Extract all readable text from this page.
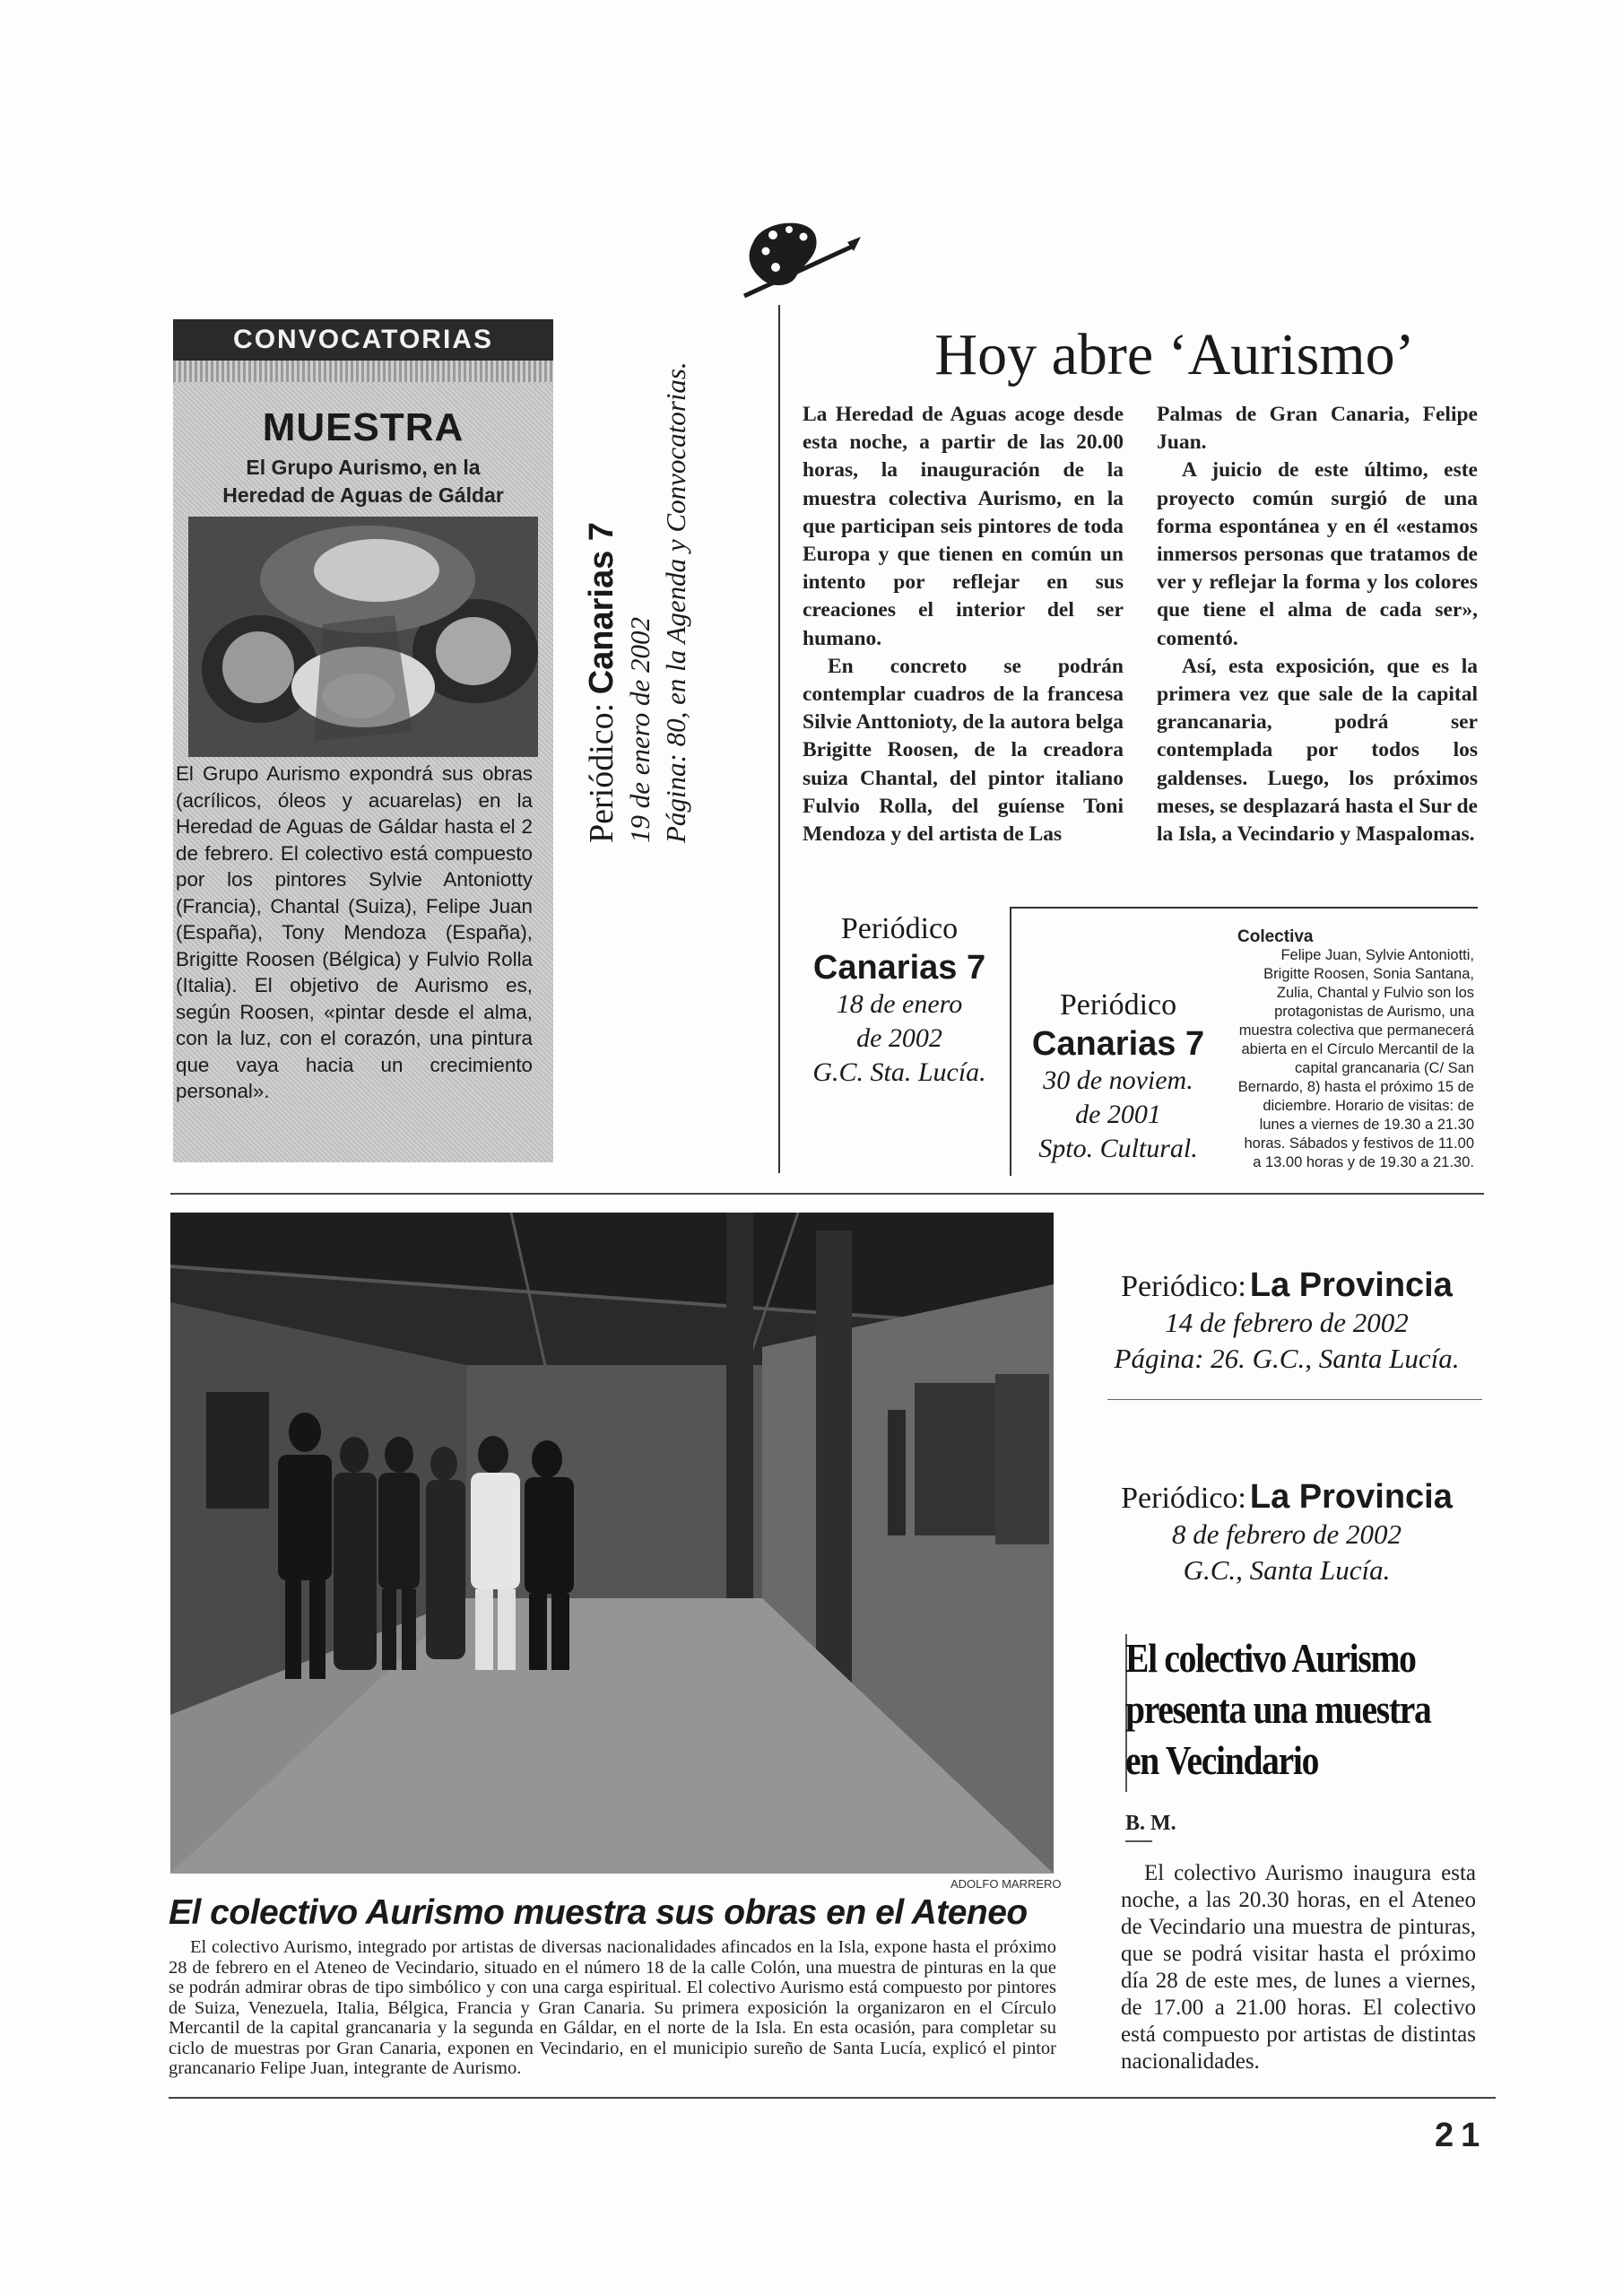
CONVOCATORIAS
MUESTRA
El Grupo Aurismo, en la
Heredad de Aguas de Gáldar
El Grupo Aurismo expondrá sus obras (acrílicos, óleos y acuarelas) en la Heredad de Aguas de Gáldar hasta el 2 de febrero. El colectivo está compuesto por los pintores Sylvie Antoniotty (Francia), Chantal (Suiza), Felipe Juan (España), Tony Mendoza (España), Brigitte Roosen (Bélgica) y Fulvio Rolla (Italia). El objetivo de Aurismo es, según Roosen, «pintar desde el alma, con la luz, con el corazón, una pintura que vaya hacia un crecimiento personal».
Periódico: Canarias 7
19 de enero de 2002 Página: 80, en la Agenda y Convocatorias.
Hoy abre ‘Aurismo’

La Heredad de Aguas acoge desde esta noche, a partir de las 20.00 horas, la inauguración de la muestra colectiva Aurismo, en la que participan seis pintores de toda Europa y que tienen en común un intento por reflejar en sus creaciones el interior del ser humano.

En concreto se podrán contemplar cuadros de la francesa Silvie Anttonioty, de la autora belga Brigitte Roosen, de la creadora suiza Chantal, del pintor italiano Fulvio Rolla, del guíense Toni Mendoza y del artista de Las

Palmas de Gran Canaria, Felipe Juan.

A juicio de este último, este proyecto común surgió de una forma espontánea y en él «estamos inmersos personas que tratamos de ver y reflejar la forma y los colores que tiene el alma de cada ser», comentó.

Así, esta exposición, que es la primera vez que sale de la capital grancanaria, podrá ser contemplada por todos los galdenses. Luego, los próximos meses, se desplazará hasta el Sur de la Isla, a Vecindario y Maspalomas.

Periódico
Canarias 7
18 de enero
de 2002
G.C. Sta. Lucía.
Periódico
Canarias 7
30 de noviem.
de 2001
Spto. Cultural.
Colectiva
Felipe Juan, Sylvie Antoniotti, Brigitte Roosen, Sonia Santana, Zulia, Chantal y Fulvio son los protagonistas de Aurismo, una muestra colectiva que permanecerá abierta en el Círculo Mercantil de la capital grancanaria (C/ San Bernardo, 8) hasta el próximo 15 de diciembre. Horario de visitas: de lunes a viernes de 19.30 a 21.30 horas. Sábados y festivos de 11.00 a 13.00 horas y de 19.30 a 21.30.
ADOLFO MARRERO
El colectivo Aurismo muestra sus obras en el Ateneo

El colectivo Aurismo, integrado por artistas de diversas nacionalidades afincados en la Isla, expone hasta el próximo 28 de febrero en el Ateneo de Vecindario, situado en el número 18 de la calle Colón, una muestra de pinturas en la que se podrán admirar obras de tipo simbólico y con una carga espiritual. El colectivo Aurismo está compuesto por pintores de Suiza, Venezuela, Italia, Bélgica, Francia y Gran Canaria. Su primera exposición la organizaron en el Círculo Mercantil de la capital grancanaria y la segunda en Gáldar, en el norte de la Isla. En esta ocasión, para completar su ciclo de muestras por Gran Canaria, exponen en Vecindario, en el municipio sureño de Santa Lucía, explicó el pintor grancanario Felipe Juan, integrante de Aurismo.

Periódico: La Provincia
14 de febrero de 2002
Página: 26. G.C., Santa Lucía.
Periódico: La Provincia
8 de febrero de 2002
G.C., Santa Lucía.
El colectivo Aurismo
presenta una muestra
en Vecindario
B. M.

El colectivo Aurismo inaugura esta noche, a las 20.30 horas, en el Ateneo de Vecindario una muestra de pinturas, que se podrá visitar hasta el próximo día 28 de este mes, de lunes a viernes, de 17.00 a 21.00 horas. El colectivo está compuesto por artistas de distintas nacionalidades.

21
